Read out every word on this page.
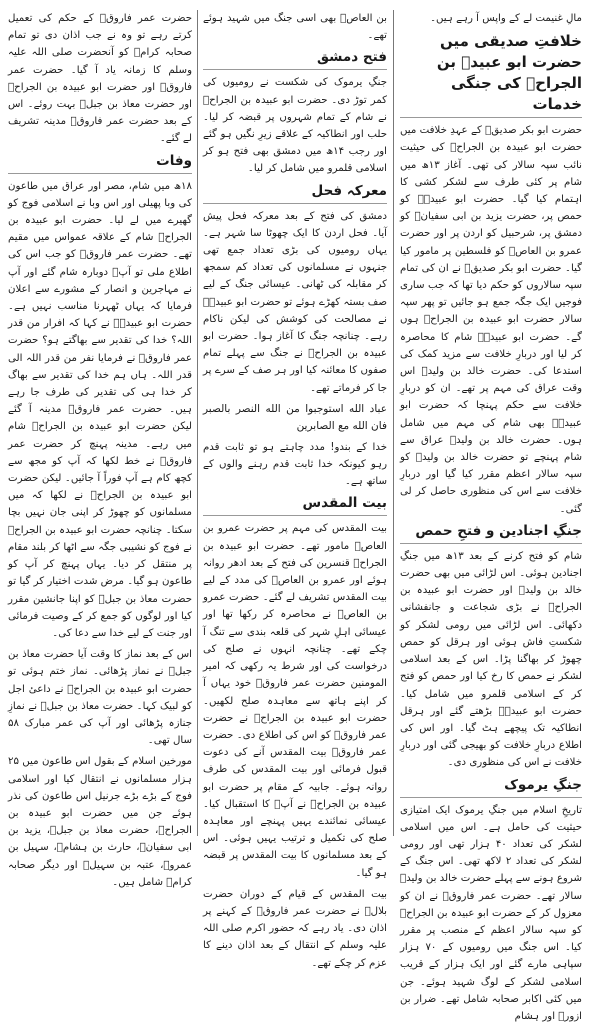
مالِ غنیمت لے کے واپس آ رہے ہیں۔

خلافتِ صدیقی میں حضرت ابو عبیدہ بن الجراحؓ کی جنگی خدمات

حضرت ابو بکر صدیقؓ کے عہدِ خلافت میں حضرت ابو عبیدہ بن الجراحؓ کی حیثیت نائب سپہ سالار کی تھی۔ آغاز ۱۳ھ میں شام پر کئی طرف سے لشکر کشی کا اہتمام کیا گیا۔ حضرت ابو عبیدہؓ کو حمص پر، حضرت یزید بن ابی سفیانؓ کو دمشق پر، شرحبیل کو اردن پر اور حضرت عمرو بن العاصؓ کو فلسطین پر مامور کیا گیا۔ حضرت ابو بکر صدیقؓ نے ان کی تمام سپہ سالاروں کو حکم دیا تھا کہ جب ساری فوجیں ایک جگہ جمع ہو جائیں تو پھر سپہ سالار حضرت ابو عبیدہ بن الجراحؓ ہوں گے۔ حضرت ابو عبیدہؓ شام کا محاصرہ کر لیا اور دربارِ خلافت سے مزید کمک کی استدعا کی۔ حضرت خالد بن ولیدؓ اس وقت عراق کی مہم پر تھے۔ ان کو دربارِ خلافت سے حکم پہنچا کہ حضرت ابو عبیدہؓ بھی شام کی مہم میں شامل ہوں۔ حضرت خالد بن ولیدؓ عراق سے شام پہنچے تو حضرت خالد بن ولیدؓ کو سپہ سالار اعظم مقرر کیا گیا اور دربارِ خلافت سے اس کی منظوری حاصل کر لی گئی۔

جنگِ اجنادین و فتحِ حمص

شام کو فتح کرنے کے بعد ۱۳ھ میں جنگِ اجنادین ہوئی۔ اس لڑائی میں بھی حضرت خالد بن ولیدؓ اور حضرت ابو عبیدہ بن الجراحؓ نے بڑی شجاعت و جانفشانی دکھائی۔ اس لڑائی میں رومی لشکر کو شکستِ فاش ہوئی اور ہرقل کو حمص چھوڑ کر بھاگنا پڑا۔ اس کے بعد اسلامی لشکر نے حمص کا رخ کیا اور حمص کو فتح کر کے اسلامی قلمرو میں شامل کیا۔ حضرت ابو عبیدہؓ بڑھتے گئے اور ہرقل انطاکیہ تک پیچھے ہٹ گیا۔ اور اس کی اطلاع دربارِ خلافت کو بھیجی گئی اور دربارِ خلافت نے اس کی منظوری دی۔

جنگِ یرموک

تاریخِ اسلام میں جنگِ یرموک ایک امتیازی حیثیت کی حامل ہے۔ اس میں اسلامی لشکر کی تعداد ۴۰ ہزار تھی اور رومی لشکر کی تعداد ۲ لاکھ تھی۔ اس جنگ کے شروع ہونے سے پہلے حضرت خالد بن ولیدؓ سالار تھے۔ حضرت عمر فاروقؓ نے ان کو معزول کر کے حضرت ابو عبیدہ بن الجراحؓ کو سپہ سالار اعظم کے منصب پر مقرر کیا۔ اس جنگ میں رومیوں کے ۷۰ ہزار سپاہی مارے گئے اور ایک ہزار کے قریب اسلامی لشکر کے لوگ شہید ہوئے۔ جن میں کئی اکابر صحابہ شامل تھے۔ ضرار بن ازورؓ اور ہشام

بن العاصؓ بھی اسی جنگ میں شہید ہوئے تھے۔

فتح دمشق

جنگِ یرموک کی شکست نے رومیوں کی کمر توڑ دی۔ حضرت ابو عبیدہ بن الجراحؓ نے شام کے تمام شہروں پر قبضہ کر لیا۔ حلب اور انطاکیہ کے علاقے زیرِ نگیں ہو گئے اور رجب ۱۴ھ میں دمشق بھی فتح ہو کر اسلامی قلمرو میں شامل کر لیا۔

معرکہ فحل

دمشق کی فتح کے بعد معرکہ فحل پیش آیا۔ فحل اردن کا ایک چھوٹا سا شہر ہے۔ یہاں رومیوں کی بڑی تعداد جمع تھی جنہوں نے مسلمانوں کی تعداد کم سمجھ کر مقابلہ کی ٹھانی۔ عیسائی جنگ کے لیے صف بستہ کھڑے ہوئے تو حضرت ابو عبیدہؓ نے مصالحت کی کوشش کی لیکن ناکام رہے۔ چنانچہ جنگ کا آغاز ہوا۔ حضرت ابو عبیدہ بن الجراحؓ نے جنگ سے پہلے تمام صفوں کا معائنہ کیا اور ہر صف کے سرے پر جا کر فرماتے تھے۔

عباد الله استوجبوا من الله النصر بالصبر فان الله مع الصابرين

خدا کے بندو! مدد چاہتے ہو تو ثابت قدم رہو کیونکہ خدا ثابت قدم رہنے والوں کے ساتھ ہے۔

بیت المقدس

بیت المقدس کی مہم پر حضرت عمرو بن العاصؓ مامور تھے۔ حضرت ابو عبیدہ بن الجراحؓ قنسرین کی فتح کے بعد ادھر روانہ ہوئے اور عمرو بن العاصؓ کی مدد کے لیے بیت المقدس تشریف لے گئے۔ حضرت عمرو بن العاصؓ نے محاصرہ کر رکھا تھا اور عیسائی اہلِ شہر کی قلعہ بندی سے تنگ آ چکے تھے۔ چنانچہ انہوں نے صلح کی درخواست کی اور شرط یہ رکھی کہ امیر المومنین حضرت عمر فاروقؓ خود یہاں آ کر اپنے ہاتھ سے معاہدہ صلح لکھیں۔ حضرت ابو عبیدہ بن الجراحؓ نے حضرت عمر فاروقؓ کو اس کی اطلاع دی۔ حضرت عمر فاروقؓ بیت المقدس آنے کی دعوت قبول فرمائی اور بیت المقدس کی طرف روانہ ہوئے۔ جابیہ کے مقام پر حضرت ابو عبیدہ بن الجراحؓ نے آپؓ کا استقبال کیا۔ عیسائی نمائندے یہیں پہنچے اور معاہدہ صلح کی تکمیل و ترتیب یہیں ہوئی۔ اس کے بعد مسلمانوں کا بیت المقدس پر قبضہ ہو گیا۔

بیت المقدس کے قیام کے دوران حضرت بلالؓ نے حضرت عمر فاروقؓ کے کہنے پر اذان دی۔ یاد رہے کہ حضور اکرم صلی اللہ علیہ وسلم کے انتقال کے بعد اذان دینے کا عزم کر چکے تھے۔

حضرت عمر فاروقؓ کے حکم کی تعمیل کرتے رہے تو وہ نے جب اذان دی تو تمام صحابہ کرامؓ کو آنحضرت صلی اللہ علیہ وسلم کا زمانہ یاد آ گیا۔ حضرت عمر فاروقؓ اور حضرت ابو عبیدہ بن الجراحؓ اور حضرت معاذ بن جبلؓ بہت روئے۔ اس کے بعد حضرت عمر فاروقؓ مدینہ تشریف لے گئے۔

وفات

۱۸ھ میں شام، مصر اور عراق میں طاعون کی وبا پھیلی اور اس وبا نے اسلامی فوج کو گھیرے میں لے لیا۔ حضرت ابو عبیدہ بن الجراحؓ شام کے علاقہ عمواس میں مقیم تھے۔ حضرت عمر فاروقؓ کو جب اس کی اطلاع ملی تو آپؓ دوبارہ شام گئے اور آپ نے مہاجرین و انصار کے مشورے سے اعلان فرمایا کہ یہاں ٹھہرنا مناسب نہیں ہے۔ حضرت ابو عبیدہؓ نے کہا کہ افرار من قدر اللہ؟ خدا کی تقدیر سے بھاگتے ہو؟ حضرت عمر فاروقؓ نے فرمایا نفر من قدر اللہ الی قدر اللہ۔ ہاں ہم خدا کی تقدیر سے بھاگ کر خدا ہی کی تقدیر کی طرف جا رہے ہیں۔ حضرت عمر فاروقؓ مدینہ آ گئے لیکن حضرت ابو عبیدہ بن الجراحؓ شام میں رہے۔ مدینہ پہنچ کر حضرت عمر فاروقؓ نے خط لکھا کہ آپ کو مجھ سے کچھ کام ہے آپ فوراً آ جائیں۔ لیکن حضرت ابو عبیدہ بن الجراحؓ نے لکھا کہ میں مسلمانوں کو چھوڑ کر اپنی جان نہیں بچا سکتا۔ چنانچہ حضرت ابو عبیدہ بن الجراحؓ نے فوج کو نشیبی جگہ سے اٹھا کر بلند مقام پر منتقل کر دیا۔ یہاں پہنچ کر آپ کو طاعون ہو گیا۔ مرض شدت اختیار کر گیا تو حضرت معاذ بن جبلؓ کو اپنا جانشین مقرر کیا اور لوگوں کو جمع کر کے وصیت فرمائی اور جنت کے لیے خدا سے دعا کی۔

اس کے بعد نماز کا وقت آیا حضرت معاذ بن جبلؓ نے نماز پڑھائی۔ نماز ختم ہوئی تو حضرت ابو عبیدہ بن الجراحؓ نے داعیٔ اجل کو لبیک کہا۔ حضرت معاذ بن جبلؓ نے نمازِ جنازہ پڑھائی اور آپ کی عمر مبارک ۵۸ سال تھی۔

مورخین اسلام کے بقول اس طاعون میں ۲۵ ہزار مسلمانوں نے انتقال کیا اور اسلامی فوج کے بڑے بڑے جرنیل اس طاعون کی نذر ہوئے جن میں حضرت ابو عبیدہ بن الجراحؓ، حضرت معاذ بن جبلؓ، یزید بن ابی سفیانؓ، حارث بن ہشامؓ، سہیل بن عمروؓ، عتبہ بن سہیلؓ اور دیگر صحابہ کرامؓ شامل ہیں۔
